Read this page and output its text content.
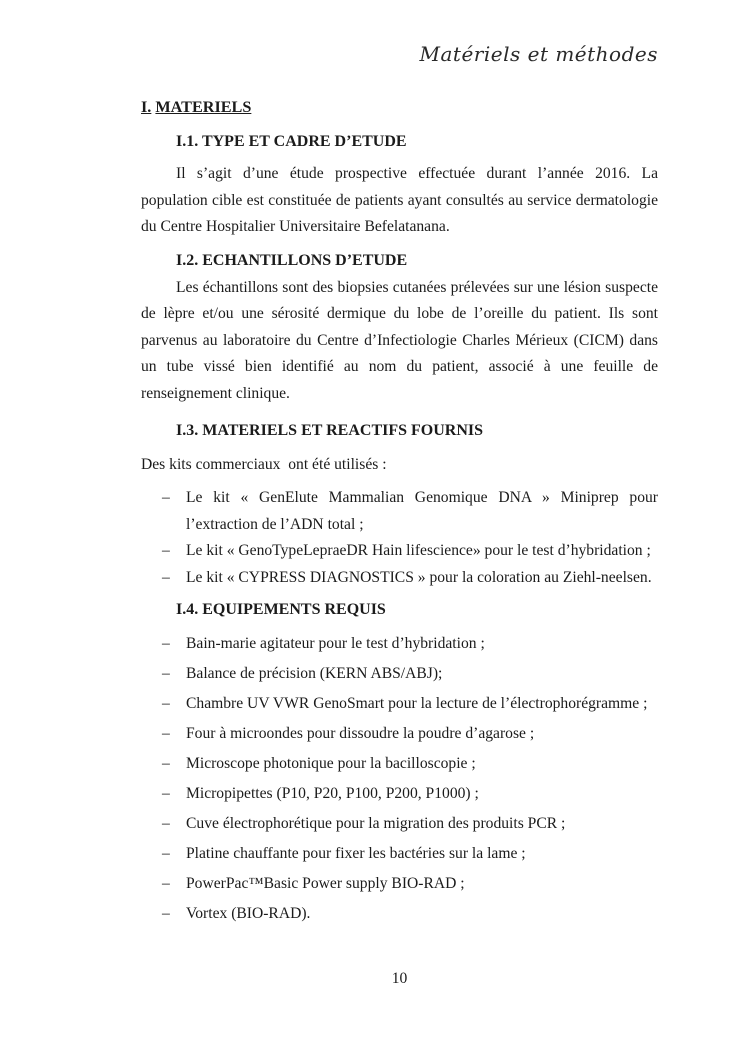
Matériels et méthodes
I. MATERIELS
I.1. TYPE ET CADRE D’ETUDE
Il s’agit d’une étude prospective effectuée durant l’année 2016. La population cible est constituée de patients ayant consultés au service dermatologie du Centre Hospitalier Universitaire Befelatanana.
I.2. ECHANTILLONS D’ETUDE
Les échantillons sont des biopsies cutanées prélevées sur une lésion suspecte de lèpre et/ou une sérosité dermique du lobe de l’oreille du patient. Ils sont parvenus au laboratoire du Centre d’Infectiologie Charles Mérieux (CICM) dans un tube vissé bien identifié au nom du patient, associé à une feuille de renseignement clinique.
I.3. MATERIELS ET REACTIFS FOURNIS
Des kits commerciaux  ont été utilisés :
–	Le kit « GenElute Mammalian Genomique DNA » Miniprep pour l’extraction de l’ADN total ;
–	Le kit « GenoTypeLepraeDR Hain lifescience» pour le test d’hybridation ;
–	Le kit « CYPRESS DIAGNOSTICS » pour la coloration au Ziehl-neelsen.
I.4. EQUIPEMENTS REQUIS
–	Bain-marie agitateur pour le test d’hybridation ;
–	Balance de précision (KERN ABS/ABJ);
–	Chambre UV VWR GenoSmart pour la lecture de l’électrophorégramme ;
–	Four à microondes pour dissoudre la poudre d’agarose ;
–	Microscope photonique pour la bacilloscopie ;
–	Micropipettes (P10, P20, P100, P200, P1000) ;
–	Cuve électrophorétique pour la migration des produits PCR ;
–	Platine chauffante pour fixer les bactéries sur la lame ;
–	PowerPac™Basic Power supply BIO-RAD ;
–	Vortex (BIO-RAD).
10
